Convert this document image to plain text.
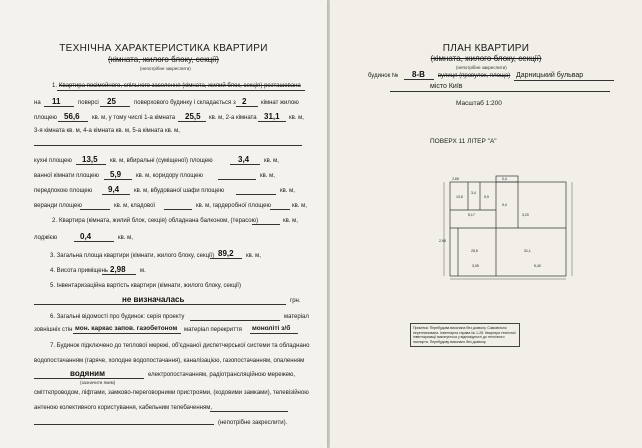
ТЕХНІЧНА ХАРАКТЕРИСТИКА КВАРТИРИ
(кімната, жилого блоку, секції)
(непотрібне закреслити)
1. Квартира посімейного, спільного заселення (кімната, жилий блок, секція) розташована
на 11	поверсі 25	поверхового будинку і складається з 2 кімнат жилою
площею 56,6 кв. м, у тому числі 1-а кімната 25,5 кв. м, 2-а кімната 31,1 кв. м,
3-я кімната кв. м, 4-а кімната кв. м, 5-а кімната кв. м,
кухні площею 13,5 кв. м, вбиральні (суміщеної) площею	3,4 кв. м,
ванної кімнати площею 5,9 кв. м, коридору площею	кв. м,
передпокою площею 9,4 кв. м, вбудованої шафи площею	кв. м,
веранди площею	кв. м, кладової	кв. м, гардеробної площею	кв. м,
2. Квартира (кімната, жилий блок, секція) обладнана балконом, (терасою)	кв. м,
лоджією	0,4	кв. м,
3. Загальна площа квартири (кімнати, жилого блоку, секції) 89,2 кв. м,
4. Висота приміщень 2,98 м.
5. Інвентаризаційна вартість квартири (кімнати, жилого блоку, секції)
не визначалась	грн.
6. Загальні відомості про будинок: серія проекту	матеріал
зовнішніх стін мон. каркас запов. газобетоном матеріал перекриття моноліті з/б
7. Будинок підключено до теплової мережі, об'єднаної диспетчерської системи та обладнано
водопостачанням (гаряче, холодне водопостачання), каналізацією, газопостачанням, опаленням
водяним
(зазначити яким)
електропостачанням, радіотрансляційною мережею,
сміттєпроводом, ліфтами, замково-переговорними пристроями, (кодовими замками), телевізійною
антеною колективного користування, кабельним телебаченням,
(непотрібне закреслити).
ПЛАН КВАРТИРИ
(кімната, жилого блоку, секції)
(непотрібне закреслити)
будинок № 8-В вулиця (провулок, площа) Дарницький бульвар
місто Київ
Масштаб 1:200
ПОВЕРХ 11 ЛІТЕР "А"
13,5
3,4
5,9
9,4
25,5	31,1
0,4
2,65
5,40
3,05
5,17	3,20
2,98
Примітка: Перебудова виконана без дозволу. Самовільно перепланована. Інвентарна справа № 1-28. Квартира технічної інвентаризації виконується у відповідності до технічного паспорта. Перебудову виконано без дозволу.
